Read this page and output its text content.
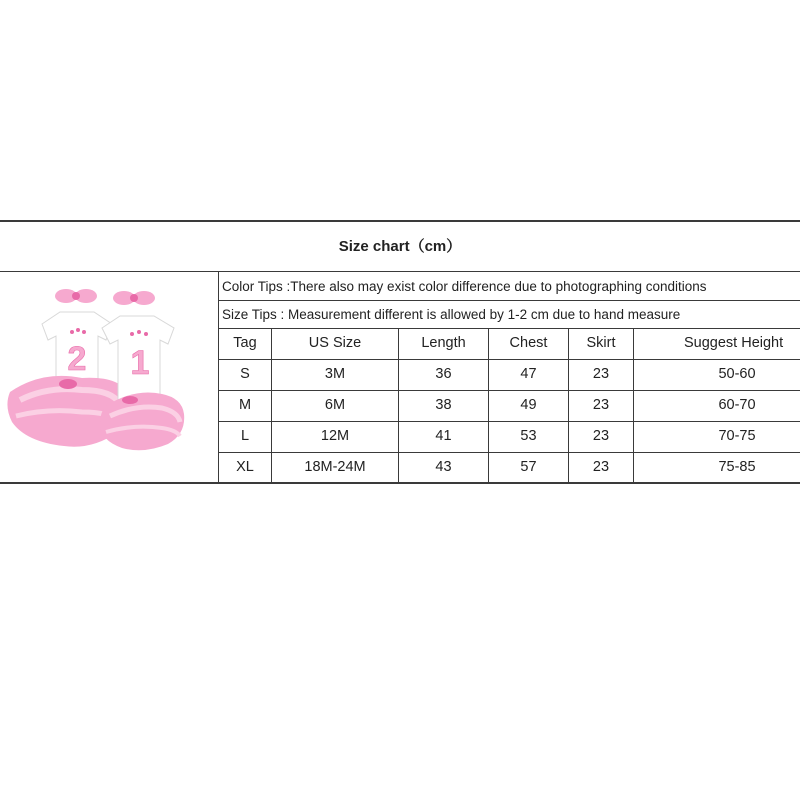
Size chart（cm）
Color Tips :There also may exist color difference due to photographing conditions
Size Tips : Measurement different is allowed by 1-2 cm due to hand measure
Tag	US Size	Length	Chest	Skirt	Suggest Height
S	3M	36	47	23	50-60
M	6M	38	49	23	60-70
L	12M	41	53	23	70-75
XL	18M-24M	43	57	23	75-85
2 1
